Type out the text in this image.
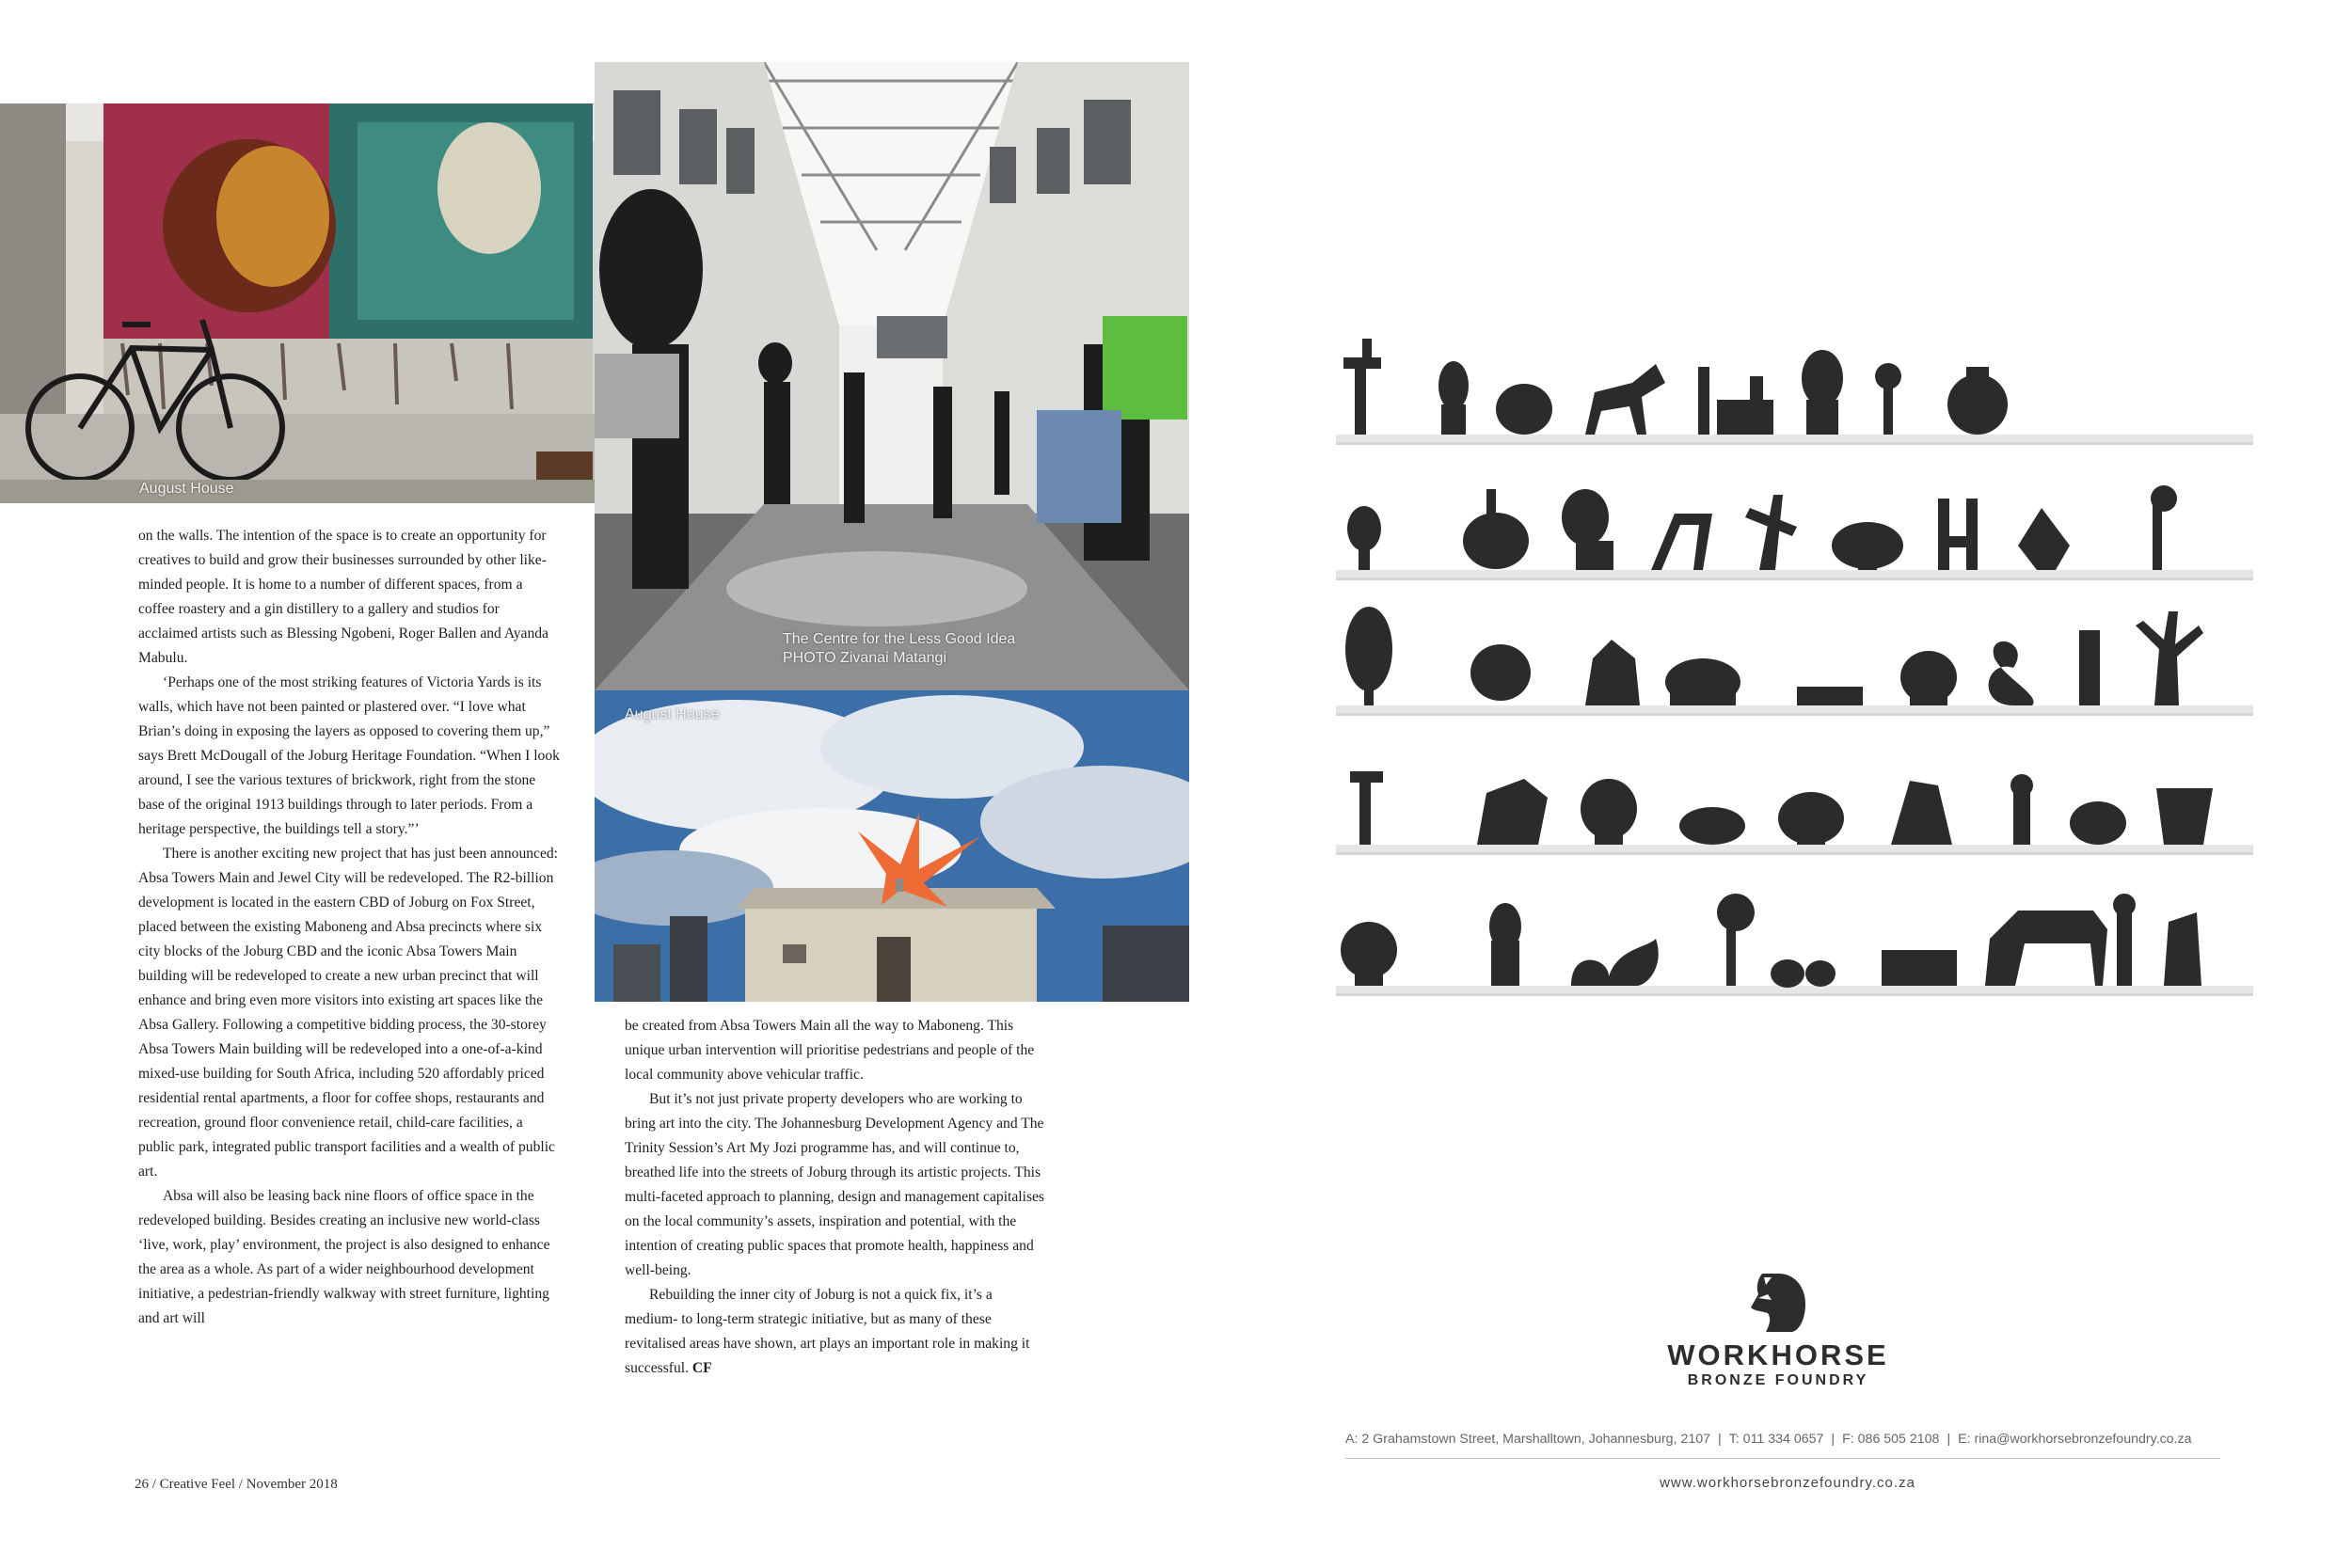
August House
The Centre for the Less Good Idea
PHOTO Zivanai Matangi
August House

on the walls. The intention of the space is to create an opportunity for creatives to build and grow their businesses surrounded by other like-minded people. It is home to a number of different spaces, from a coffee roastery and a gin distillery to a gallery and studios for acclaimed artists such as Blessing Ngobeni, Roger Ballen and Ayanda Mabulu.

‘Perhaps one of the most striking features of Victoria Yards is its walls, which have not been painted or plastered over. “I love what Brian’s doing in exposing the layers as opposed to covering them up,” says Brett McDougall of the Joburg Heritage Foundation. “When I look around, I see the various textures of brickwork, right from the stone base of the original 1913 buildings through to later periods. From a heritage perspective, the buildings tell a story.”’

There is another exciting new project that has just been announced: Absa Towers Main and Jewel City will be redeveloped. The R2-billion development is located in the eastern CBD of Joburg on Fox Street, placed between the existing Maboneng and Absa precincts where six city blocks of the Joburg CBD and the iconic Absa Towers Main building will be redeveloped to create a new urban precinct that will enhance and bring even more visitors into existing art spaces like the Absa Gallery. Following a competitive bidding process, the 30-storey Absa Towers Main building will be redeveloped into a one-of-a-kind mixed-use building for South Africa, including 520 affordably priced residential rental apartments, a floor for coffee shops, restaurants and recreation, ground floor convenience retail, child-care facilities, a public park, integrated public transport facilities and a wealth of public art.

Absa will also be leasing back nine floors of office space in the redeveloped building. Besides creating an inclusive new world-class ‘live, work, play’ environment, the project is also designed to enhance the area as a whole. As part of a wider neighbourhood development initiative, a pedestrian-friendly walkway with street furniture, lighting and art will

be created from Absa Towers Main all the way to Maboneng. This unique urban intervention will prioritise pedestrians and people of the local community above vehicular traffic.

But it’s not just private property developers who are working to bring art into the city. The Johannesburg Development Agency and The Trinity Session’s Art My Jozi programme has, and will continue to, breathed life into the streets of Joburg through its artistic projects. This multi-faceted approach to planning, design and management capitalises on the local community’s assets, inspiration and potential, with the intention of creating public spaces that promote health, happiness and well-being.

Rebuilding the inner city of Joburg is not a quick fix, it’s a medium- to long-term strategic initiative, but as many of these revitalised areas have shown, art plays an important role in making it successful. CF

26 / Creative Feel / November 2018
WORKHORSE
BRONZE FOUNDRY
A: 2 Grahamstown Street, Marshalltown, Johannesburg, 2107 | T: 011 334 0657 | F: 086 505 2108 | E: rina@workhorsebronzefoundry.co.za
www.workhorsebronzefoundry.co.za
